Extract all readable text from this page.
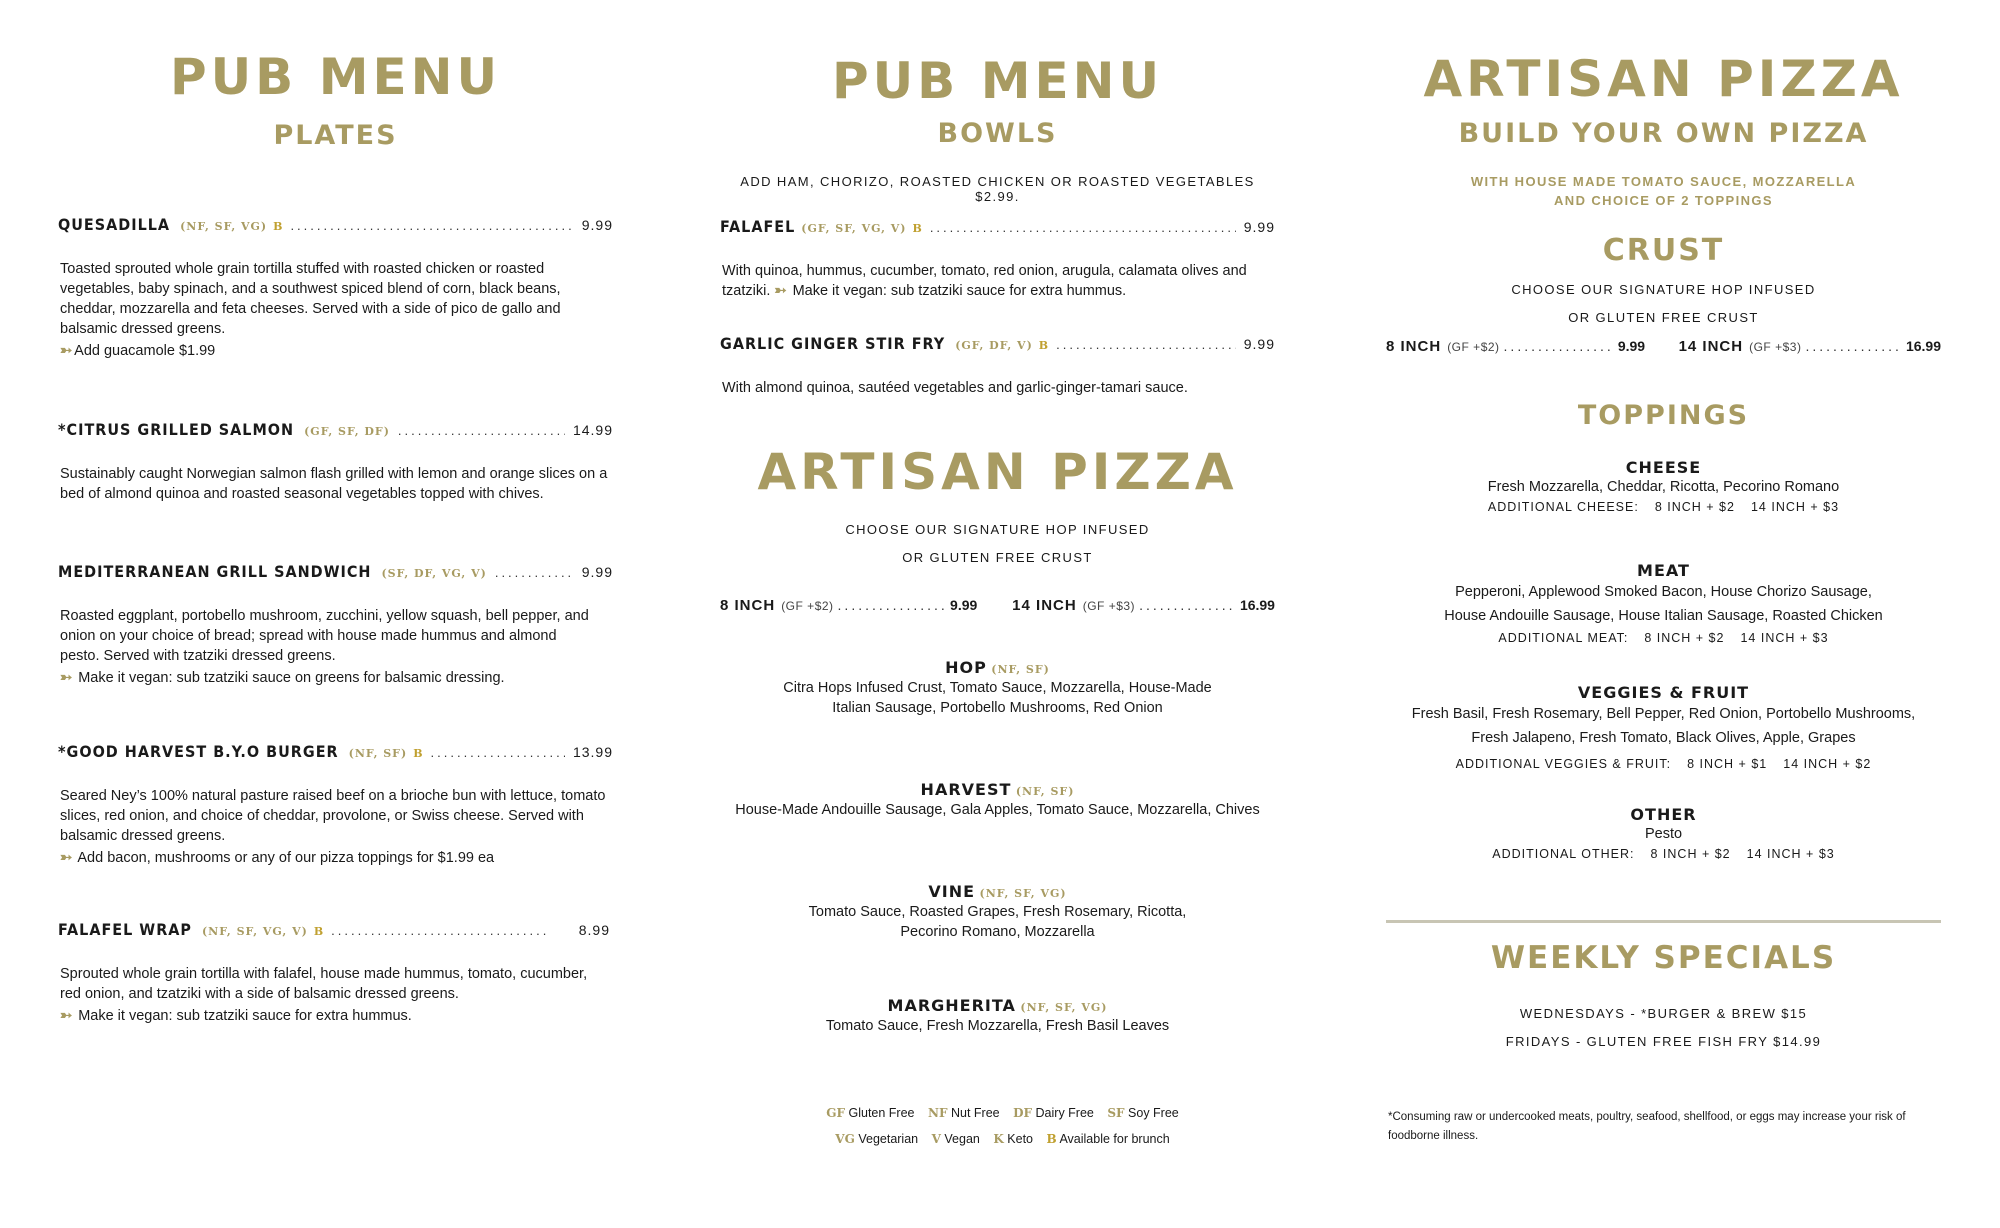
PUB MENU
PLATES
QUESADILLA (NF, SF, VG) B .....	9.99
Toasted sprouted whole grain tortilla stuffed with roasted chicken or roasted vegetables, baby spinach, and a southwest spiced blend of corn, black beans, cheddar, mozzarella and feta cheeses. Served with a side of pico de gallo and balsamic dressed greens.
➳ Add guacamole $1.99
*CITRUS GRILLED SALMON (GF, SF, DF) .....	14.99
Sustainably caught Norwegian salmon flash grilled with lemon and orange slices on a bed of almond quinoa and roasted seasonal vegetables topped with chives.
MEDITERRANEAN GRILL SANDWICH (SF, DF, VG, V) .....	9.99
Roasted eggplant, portobello mushroom, zucchini, yellow squash, bell pepper, and onion on your choice of bread; spread with house made hummus and almond pesto. Served with tzatziki dressed greens.
➳ Make it vegan: sub tzatziki sauce on greens for balsamic dressing.
*GOOD HARVEST B.Y.O BURGER (NF, SF) B .....	13.99
Seared Ney’s 100% natural pasture raised beef on a brioche bun with lettuce, tomato slices, red onion, and choice of cheddar, provolone, or Swiss cheese. Served with balsamic dressed greens.
➳ Add bacon, mushrooms or any of our pizza toppings for $1.99 ea
FALAFEL WRAP (NF, SF, VG, V) B .....	8.99
Sprouted whole grain tortilla with falafel, house made hummus, tomato, cucumber, red onion, and tzatziki with a side of balsamic dressed greens.
➳ Make it vegan: sub tzatziki sauce for extra hummus.
PUB MENU
BOWLS
ADD HAM, CHORIZO, ROASTED CHICKEN OR ROASTED VEGETABLES $2.99.
FALAFEL (GF, SF, VG, V) B .....	9.99
With quinoa, hummus, cucumber, tomato, red onion, arugula, calamata olives and tzatziki. ➳ Make it vegan: sub tzatziki sauce for extra hummus.
GARLIC GINGER STIR FRY (GF, DF, V) B .....	9.99
With almond quinoa, sautéed vegetables and garlic-ginger-tamari sauce.
ARTISAN PIZZA
CHOOSE OUR SIGNATURE HOP INFUSED
OR GLUTEN FREE CRUST
8 INCH (GF +$2) .....	9.99 14 INCH (GF +$3) .....	16.99
HOP (NF, SF)
Citra Hops Infused Crust, Tomato Sauce, Mozzarella, House-Made
Italian Sausage, Portobello Mushrooms, Red Onion
HARVEST (NF, SF)
House-Made Andouille Sausage, Gala Apples, Tomato Sauce, Mozzarella, Chives
VINE (NF, SF, VG)
Tomato Sauce, Roasted Grapes, Fresh Rosemary, Ricotta,
Pecorino Romano, Mozzarella
MARGHERITA (NF, SF, VG)
Tomato Sauce, Fresh Mozzarella, Fresh Basil Leaves
GF Gluten Free NF Nut Free DF Dairy Free SF Soy Free
VG Vegetarian V Vegan K Keto B Available for brunch
ARTISAN PIZZA
BUILD YOUR OWN PIZZA
WITH HOUSE MADE TOMATO SAUCE, MOZZARELLA
AND CHOICE OF 2 TOPPINGS
CRUST
CHOOSE OUR SIGNATURE HOP INFUSED
OR GLUTEN FREE CRUST
8 INCH (GF +$2) .....	9.99 14 INCH (GF +$3) .....	16.99
TOPPINGS
CHEESE
Fresh Mozzarella, Cheddar, Ricotta, Pecorino Romano
ADDITIONAL CHEESE: 8 INCH + $2 14 INCH + $3
MEAT
Pepperoni, Applewood Smoked Bacon, House Chorizo Sausage,
House Andouille Sausage, House Italian Sausage, Roasted Chicken
ADDITIONAL MEAT: 8 INCH + $2 14 INCH + $3
VEGGIES & FRUIT
Fresh Basil, Fresh Rosemary, Bell Pepper, Red Onion, Portobello Mushrooms,
Fresh Jalapeno, Fresh Tomato, Black Olives, Apple, Grapes
ADDITIONAL VEGGIES & FRUIT: 8 INCH + $1 14 INCH + $2
OTHER
Pesto
ADDITIONAL OTHER: 8 INCH + $2 14 INCH + $3
WEEKLY SPECIALS
WEDNESDAYS - *BURGER & BREW $15
FRIDAYS - GLUTEN FREE FISH FRY $14.99
*Consuming raw or undercooked meats, poultry, seafood, shellfood, or eggs may increase your risk of
foodborne illness.
